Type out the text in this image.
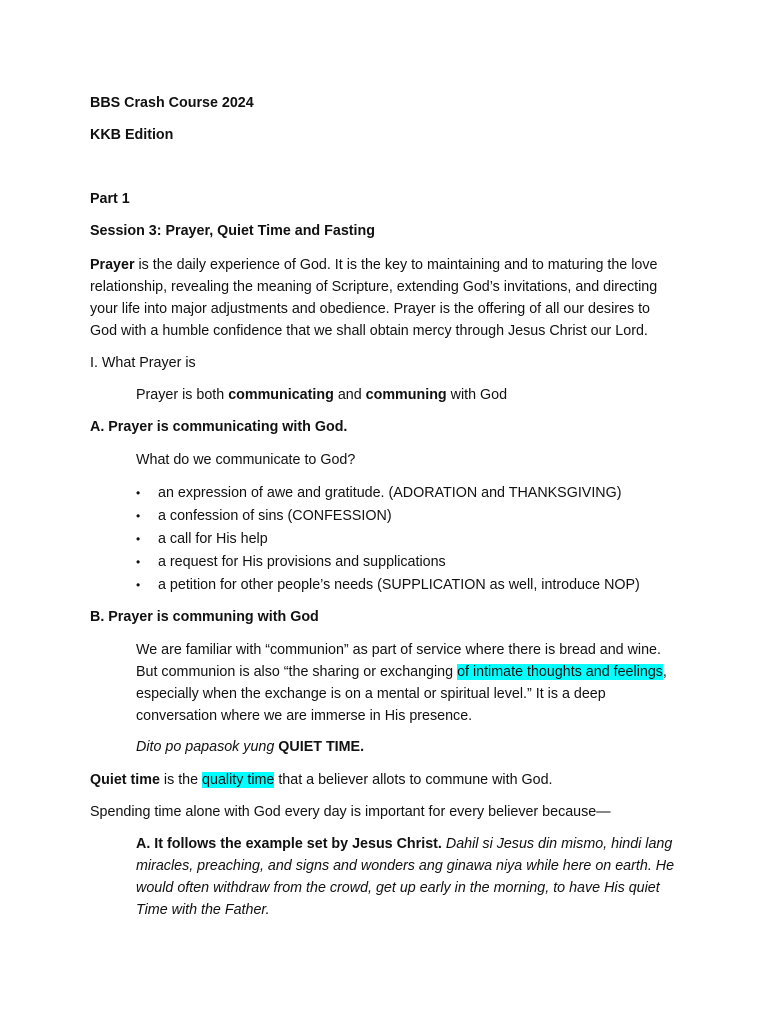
BBS Crash Course 2024
KKB Edition
Part 1
Session 3: Prayer, Quiet Time and Fasting
Prayer is the daily experience of God. It is the key to maintaining and to maturing the love relationship, revealing the meaning of Scripture, extending God’s invitations, and directing your life into major adjustments and obedience. Prayer is the offering of all our desires to God with a humble confidence that we shall obtain mercy through Jesus Christ our Lord.
I. What Prayer is
Prayer is both communicating and communing with God
A. Prayer is communicating with God.
What do we communicate to God?
•	an expression of awe and gratitude. (ADORATION and THANKSGIVING)
•	a confession of sins (CONFESSION)
•	a call for His help
•	a request for His provisions and supplications
•	a petition for other people’s needs (SUPPLICATION as well, introduce NOP)
B. Prayer is communing with God
We are familiar with “communion” as part of service where there is bread and wine. But communion is also “the sharing or exchanging of intimate thoughts and feelings, especially when the exchange is on a mental or spiritual level.” It is a deep conversation where we are immerse in His presence.
Dito po papasok yung QUIET TIME.
Quiet time is the quality time that a believer allots to commune with God.
Spending time alone with God every day is important for every believer because—
A. It follows the example set by Jesus Christ. Dahil si Jesus din mismo, hindi lang miracles, preaching, and signs and wonders ang ginawa niya while here on earth. He would often withdraw from the crowd, get up early in the morning, to have His quiet Time with the Father.
